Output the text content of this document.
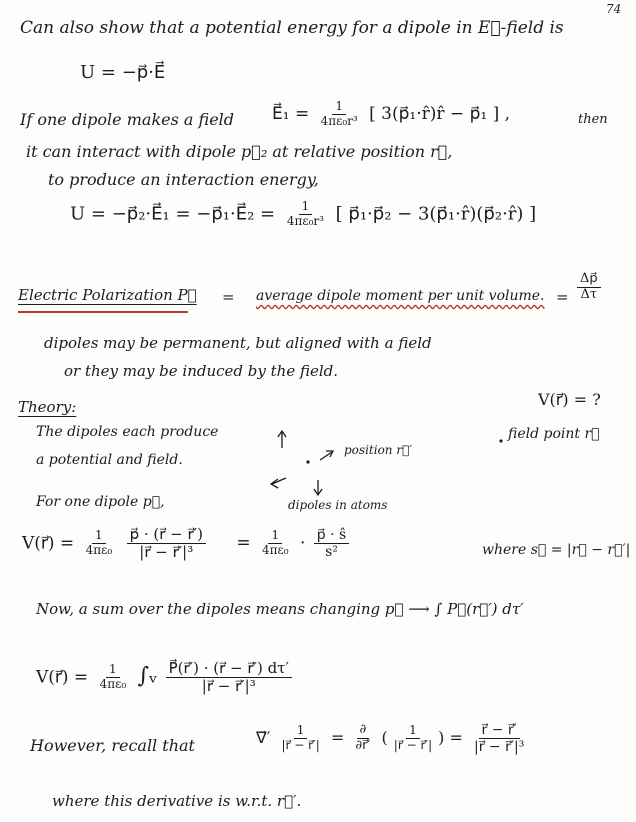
74
Can also show that a potential energy for a dipole in E⃗-field is
U = −p⃗·E⃗
If one dipole makes a field E⃗₁ = $\frac{1}{\text{4πε₀r³}}$ [ 3(p⃗₁·r̂)r̂ − p⃗₁ ] ,	then
it can interact with dipole p⃗₂ at relative position r⃗,
to produce an interaction energy,
U = −p⃗₂·E⃗₁ = −p⃗₁·E⃗₂ = $\frac{1}{\text{4πε₀r³}}$ [ p⃗₁·p⃗₂ − 3(p⃗₁·r̂)(p⃗₂·r̂) ]
Electric Polarization P⃗ = average dipole moment per unit volume. = $\frac{\Delta p⃗}{\Delta\tau}$
dipoles may be permanent, but aligned with a field
or they may be induced by the field.
Theory:
The dipoles each produce
a potential and field.
position r⃗′
V(r⃗) = ?
field point r⃗
dipoles in atoms
For one dipole p⃗,
V(r⃗) = $\frac{1}{\text{4πε₀}}$
$\frac{p⃗ \cdot (r⃗ - r⃗')}{\text{|r⃗ − r⃗′|³}} = \frac{1}{\text{4πε₀}} \cdot \frac{p⃗ \cdot ŝ}{\text{s²}}$	where s⃗ = |r⃗ − r⃗′|
Now, a sum over the dipoles means changing p⃗ ⟶ ∫ P⃗(r⃗′) dτ′
V(r⃗) = $\frac{1}{\text{4πε₀}}$ ∫ᵥ $\frac{P⃗(r⃗') \cdot (r⃗ - r⃗') d\tau'}{\text{|r⃗ − r⃗′|³}}$
However, recall that	∇⃗′ $\frac{1}{|r⃗ - r⃗'|} = \frac{\partial}{\partial r⃗'}$ ( $\frac{1}{|r⃗ - r⃗'|}$ ) = $\frac{r⃗ - r⃗'}{\text{|r⃗ − r⃗′|³}}$
where this derivative is w.r.t. r⃗′.
